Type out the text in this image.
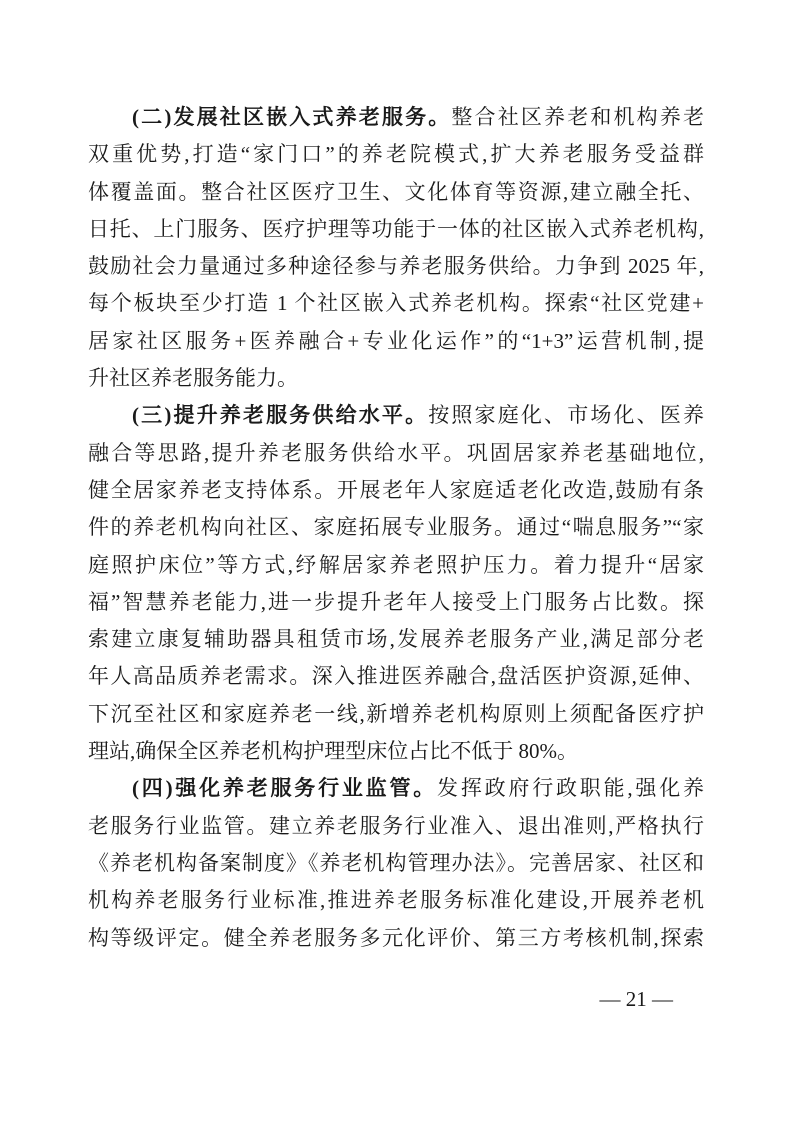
(二)发展社区嵌入式养老服务。整合社区养老和机构养老
双重优势,打造“家门口”的养老院模式,扩大养老服务受益群
体覆盖面。整合社区医疗卫生、文化体育等资源,建立融全托、
日托、上门服务、医疗护理等功能于一体的社区嵌入式养老机构,
鼓励社会力量通过多种途径参与养老服务供给。力争到 2025 年,
每个板块至少打造 1 个社区嵌入式养老机构。探索“社区党建+
居家社区服务+医养融合+专业化运作”的“1+3”运营机制,提
升社区养老服务能力。
(三)提升养老服务供给水平。按照家庭化、市场化、医养
融合等思路,提升养老服务供给水平。巩固居家养老基础地位,
健全居家养老支持体系。开展老年人家庭适老化改造,鼓励有条
件的养老机构向社区、家庭拓展专业服务。通过“喘息服务”“家
庭照护床位”等方式,纾解居家养老照护压力。着力提升“居家
福”智慧养老能力,进一步提升老年人接受上门服务占比数。探
索建立康复辅助器具租赁市场,发展养老服务产业,满足部分老
年人高品质养老需求。深入推进医养融合,盘活医护资源,延伸、
下沉至社区和家庭养老一线,新增养老机构原则上须配备医疗护
理站,确保全区养老机构护理型床位占比不低于 80%。
(四)强化养老服务行业监管。发挥政府行政职能,强化养
老服务行业监管。建立养老服务行业准入、退出准则,严格执行
《养老机构备案制度》《养老机构管理办法》。完善居家、社区和
机构养老服务行业标准,推进养老服务标准化建设,开展养老机
构等级评定。健全养老服务多元化评价、第三方考核机制,探索
— 21 —
